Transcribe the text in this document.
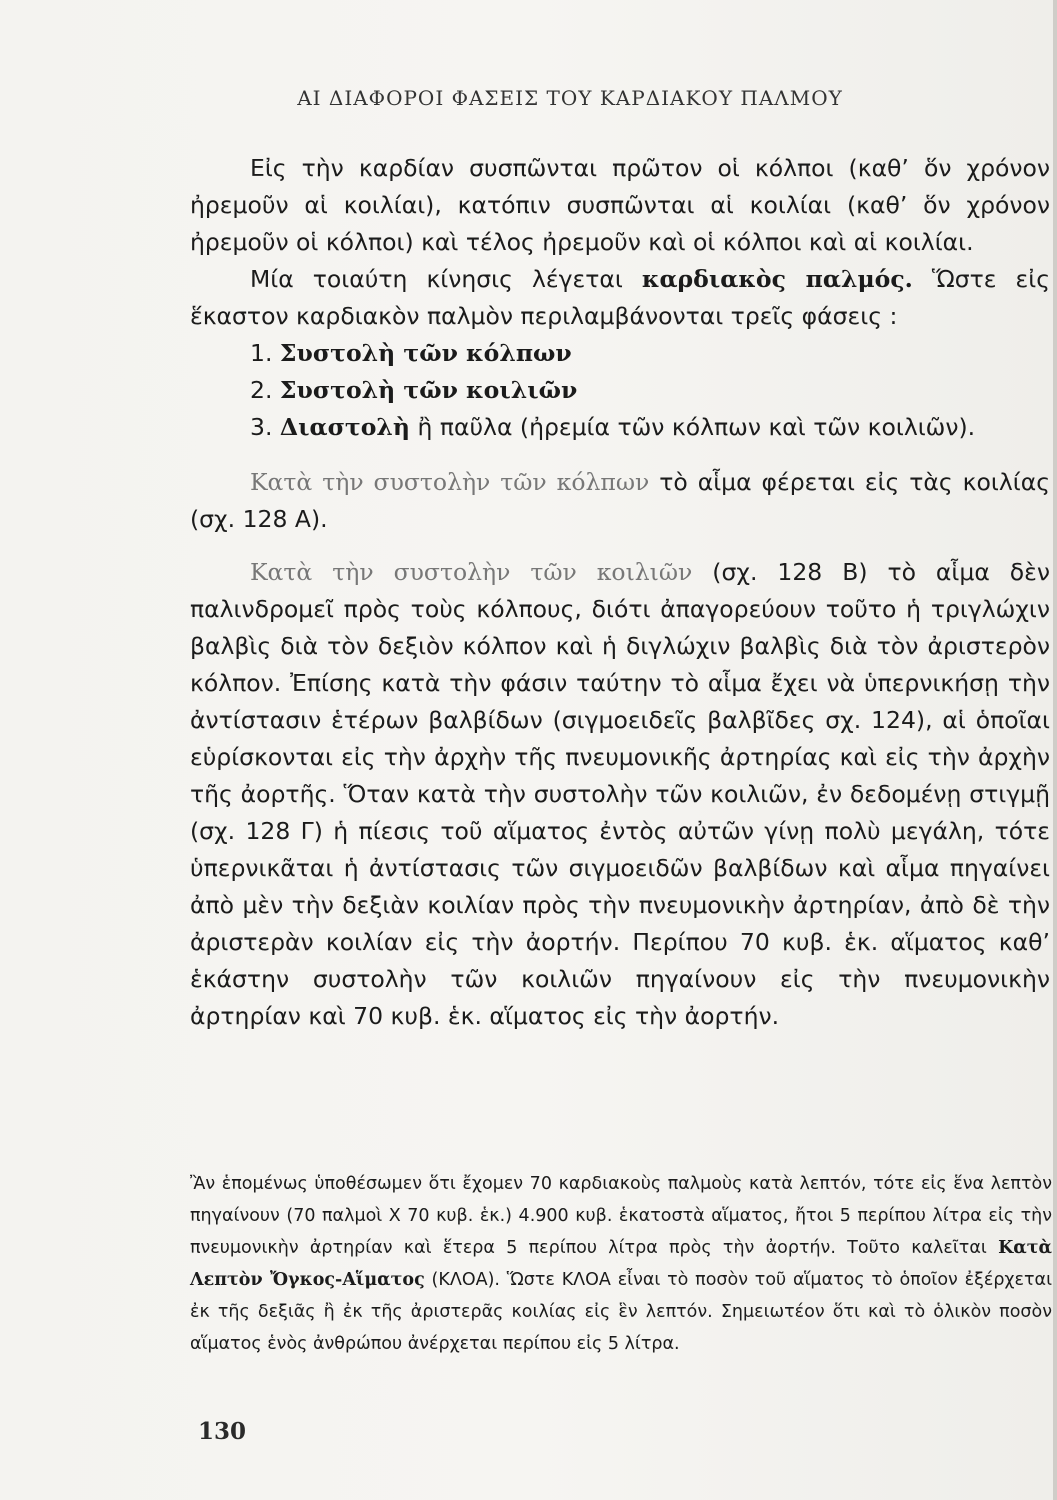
ΑΙ ΔΙΑΦΟΡΟΙ ΦΑΣΕΙΣ ΤΟΥ ΚΑΡΔΙΑΚΟΥ ΠΑΛΜΟΥ

Εἰς τὴν καρδίαν συσπῶνται πρῶτον οἱ κόλποι (καθ’ ὅν χρόνον ἠρεμοῦν αἱ κοιλίαι), κατόπιν συσπῶνται αἱ κοιλίαι (καθ’ ὅν χρόνον ἠρεμοῦν οἱ κόλποι) καὶ τέλος ἠρεμοῦν καὶ οἱ κόλποι καὶ αἱ κοιλίαι.

Μία τοιαύτη κίνησις λέγεται καρδιακὸς παλμός. Ὥστε εἰς ἕκαστον καρδιακὸν παλμὸν περιλαμβάνονται τρεῖς φάσεις :

1. Συστολὴ τῶν κόλπων

2. Συστολὴ τῶν κοιλιῶν

3. Διαστολὴ ἢ παῦλα (ἠρεμία τῶν κόλπων καὶ τῶν κοιλιῶν).

Κατὰ τὴν συστολὴν τῶν κόλπων τὸ αἷμα φέρεται εἰς τὰς κοιλίας (σχ. 128 A).

Κατὰ τὴν συστολὴν τῶν κοιλιῶν (σχ. 128 B) τὸ αἷμα δὲν παλινδρομεῖ πρὸς τοὺς κόλπους, διότι ἀπαγορεύουν τοῦτο ἡ τριγλώχιν βαλβὶς διὰ τὸν δεξιὸν κόλπον καὶ ἡ διγλώχιν βαλβὶς διὰ τὸν ἀριστερὸν κόλπον. Ἐπίσης κατὰ τὴν φάσιν ταύτην τὸ αἷμα ἔχει νὰ ὑπερνικήσῃ τὴν ἀντίστασιν ἑτέρων βαλβίδων (σιγμοειδεῖς βαλβῖδες σχ. 124), αἱ ὁποῖαι εὑρίσκονται εἰς τὴν ἀρχὴν τῆς πνευμονικῆς ἀρτηρίας καὶ εἰς τὴν ἀρχὴν τῆς ἀορτῆς. Ὅταν κατὰ τὴν συστολὴν τῶν κοιλιῶν, ἐν δεδομένῃ στιγμῇ (σχ. 128 Γ) ἡ πίεσις τοῦ αἵματος ἐντὸς αὐτῶν γίνῃ πολὺ μεγάλη, τότε ὑπερνικᾶται ἡ ἀντίστασις τῶν σιγμοειδῶν βαλβίδων καὶ αἷμα πηγαίνει ἀπὸ μὲν τὴν δεξιὰν κοιλίαν πρὸς τὴν πνευμονικὴν ἀρτηρίαν, ἀπὸ δὲ τὴν ἀριστερὰν κοιλίαν εἰς τὴν ἀορτήν. Περίπου 70 κυβ. ἑκ. αἵματος καθ’ ἑκάστην συστολὴν τῶν κοιλιῶν πηγαίνουν εἰς τὴν πνευμονικὴν ἀρτηρίαν καὶ 70 κυβ. ἑκ. αἵματος εἰς τὴν ἀορτήν.

Ἂν ἑπομένως ὑποθέσωμεν ὅτι ἔχομεν 70 καρδιακοὺς παλμοὺς κατὰ λεπτόν, τότε εἰς ἕνα λεπτὸν πηγαίνουν (70 παλμοὶ X 70 κυβ. ἑκ.) 4.900 κυβ. ἑκατοστὰ αἵματος, ἤτοι 5 περίπου λίτρα εἰς τὴν πνευμονικὴν ἀρτηρίαν καὶ ἕτερα 5 περίπου λίτρα πρὸς τὴν ἀορτήν. Τοῦτο καλεῖται Κατὰ Λεπτὸν Ὄγκος-Αἵματος (ΚΛΟΑ). Ὥστε ΚΛΟΑ εἶναι τὸ ποσὸν τοῦ αἵματος τὸ ὁποῖον ἐξέρχεται ἐκ τῆς δεξιᾶς ἢ ἐκ τῆς ἀριστερᾶς κοιλίας εἰς ἓν λεπτόν. Σημειωτέον ὅτι καὶ τὸ ὁλικὸν ποσὸν αἵματος ἑνὸς ἀνθρώπου ἀνέρχεται περίπου εἰς 5 λίτρα.
130
